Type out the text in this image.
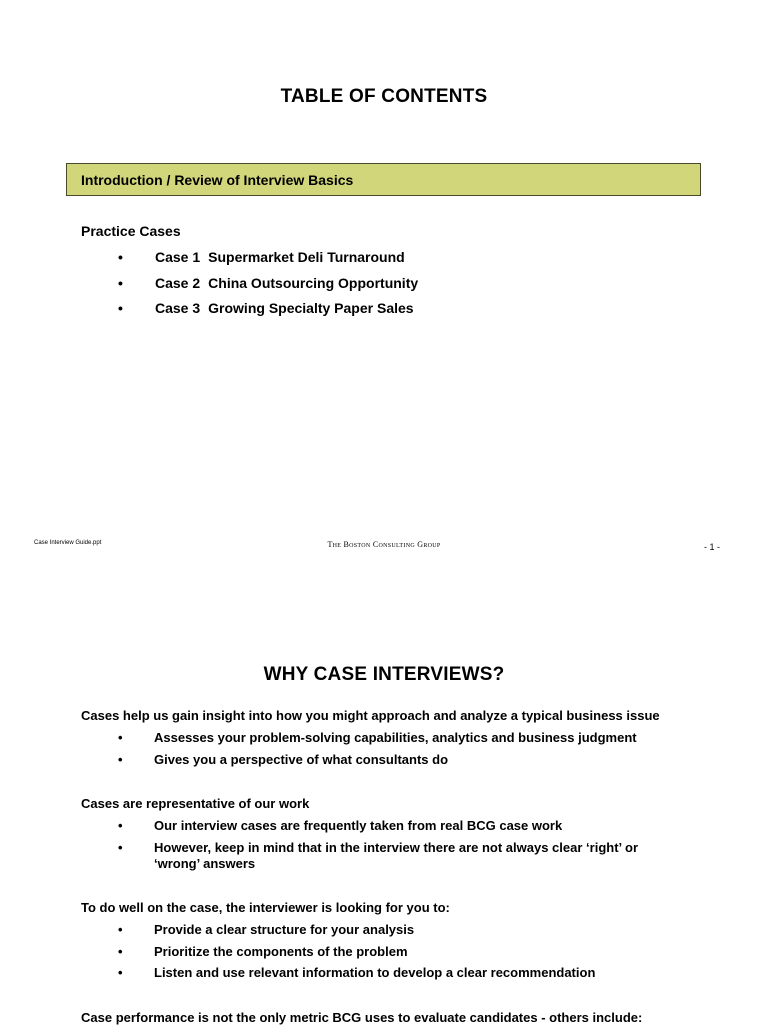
TABLE OF CONTENTS
Introduction / Review of Interview Basics
Practice Cases
•	Case 1 Supermarket Deli Turnaround
•	Case 2 China Outsourcing Opportunity
•	Case 3 Growing Specialty Paper Sales
Case Interview Guide.ppt	The Boston Consulting Group	- 1 -
WHY CASE INTERVIEWS?
Cases help us gain insight into how you might approach and analyze a typical business issue
•	Assesses your problem-solving capabilities, analytics and business judgment
•	Gives you a perspective of what consultants do
Cases are representative of our work
•	Our interview cases are frequently taken from real BCG case work
•	However, keep in mind that in the interview there are not always clear ‘right’ or ‘wrong’ answers
To do well on the case, the interviewer is looking for you to:
•	Provide a clear structure for your analysis
•	Prioritize the components of the problem
•	Listen and use relevant information to develop a clear recommendation
Case performance is not the only metric BCG uses to evaluate candidates - others include:
